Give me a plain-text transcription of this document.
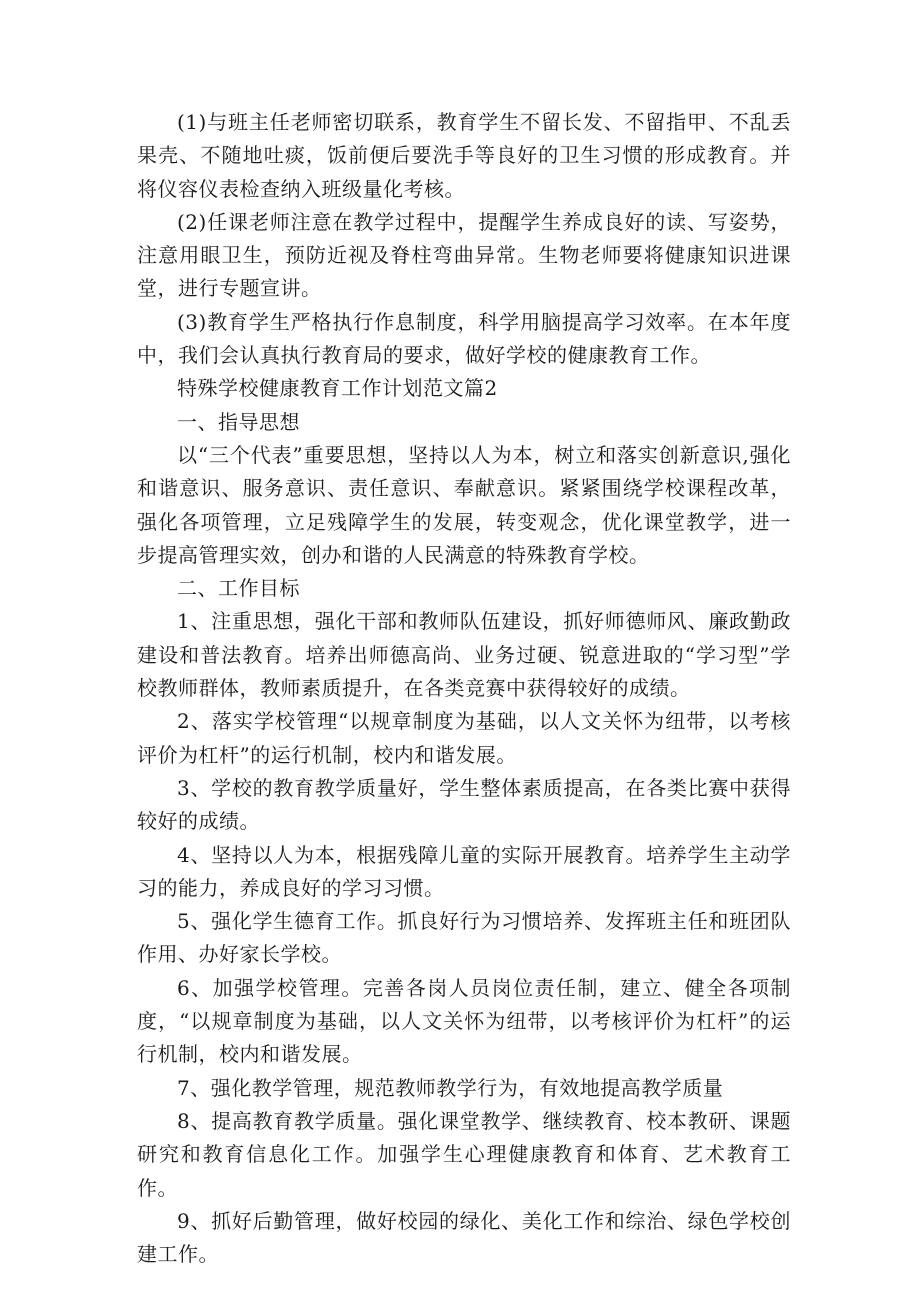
(1)与班主任老师密切联系，教育学生不留长发、不留指甲、不乱丢果壳、不随地吐痰，饭前便后要洗手等良好的卫生习惯的形成教育。并将仪容仪表检查纳入班级量化考核。

(2)任课老师注意在教学过程中，提醒学生养成良好的读、写姿势，注意用眼卫生，预防近视及脊柱弯曲异常。生物老师要将健康知识进课堂，进行专题宣讲。

(3)教育学生严格执行作息制度，科学用脑提高学习效率。在本年度中，我们会认真执行教育局的要求，做好学校的健康教育工作。

特殊学校健康教育工作计划范文篇2

一、指导思想

以“三个代表”重要思想，坚持以人为本，树立和落实创新意识,强化和谐意识、服务意识、责任意识、奉献意识。紧紧围绕学校课程改革，强化各项管理，立足残障学生的发展，转变观念，优化课堂教学，进一步提高管理实效，创办和谐的人民满意的特殊教育学校。

二、工作目标

1、注重思想，强化干部和教师队伍建设，抓好师德师风、廉政勤政建设和普法教育。培养出师德高尚、业务过硬、锐意进取的“学习型”学校教师群体，教师素质提升，在各类竞赛中获得较好的成绩。

2、落实学校管理“以规章制度为基础，以人文关怀为纽带，以考核评价为杠杆”的运行机制，校内和谐发展。

3、学校的教育教学质量好，学生整体素质提高，在各类比赛中获得较好的成绩。

4、坚持以人为本，根据残障儿童的实际开展教育。培养学生主动学习的能力，养成良好的学习习惯。

5、强化学生德育工作。抓良好行为习惯培养、发挥班主任和班团队作用、办好家长学校。

6、加强学校管理。完善各岗人员岗位责任制，建立、健全各项制度，“以规章制度为基础，以人文关怀为纽带，以考核评价为杠杆”的运行机制，校内和谐发展。

7、强化教学管理，规范教师教学行为，有效地提高教学质量

8、提高教育教学质量。强化课堂教学、继续教育、校本教研、课题研究和教育信息化工作。加强学生心理健康教育和体育、艺术教育工作。

9、抓好后勤管理，做好校园的绿化、美化工作和综治、绿色学校创建工作。
